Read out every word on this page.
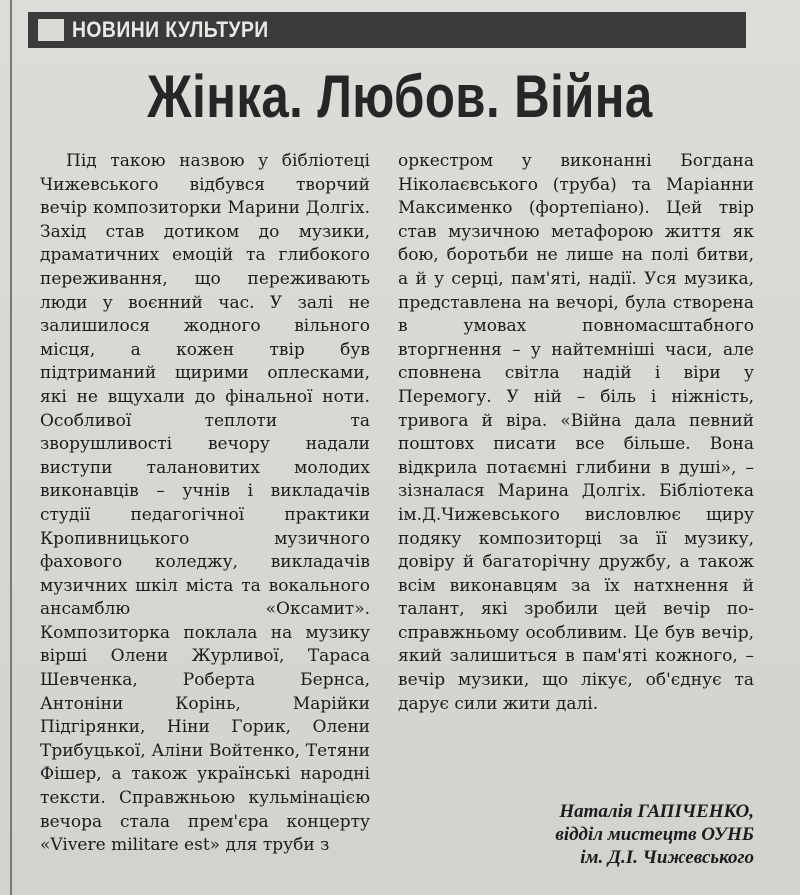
НОВИНИ КУЛЬТУРИ
Жінка. Любов. Війна

Під такою назвою у бібліотеці Чижевського відбувся творчий вечір композиторки Марини Долгіх. Захід став дотиком до музики, драматичних емоцій та глибокого переживання, що переживають люди у воєнний час. У залі не залишилося жодного вільного місця, а кожен твір був підтриманий щирими оплесками, які не вщухали до фінальної ноти. Особливої теплоти та зворушливості вечору надали виступи талановитих молодих виконавців – учнів і викладачів студії педагогічної практики Кропивницького музичного фахового коледжу, викладачів музичних шкіл міста та вокального ансамблю «Оксамит». Композиторка поклала на музику вірші Олени Журливої, Тараса Шевченка, Роберта Бернса, Антоніни Корінь, Марійки Підгірянки, Ніни Горик, Олени Трибуцької, Аліни Войтенко, Тетяни Фішер, а також українські народні тексти. Справжньою кульмінацією вечора стала прем'єра концерту «Vivere militare est» для труби з

оркестром у виконанні Богдана Ніколаєвського (труба) та Маріанни Максименко (фортепіано). Цей твір став музичною метафорою життя як бою, боротьби не лише на полі битви, а й у серці, пам'яті, надії. Уся музика, представлена на вечорі, була створена в умовах повномасштабного вторгнення – у найтемніші часи, але сповнена світла надій і віри у Перемогу. У ній – біль і ніжність, тривога й віра. «Війна дала певний поштовх писати все більше. Вона відкрила потаємні глибини в душі», – зізналася Марина Долгіх. Бібліотека ім.Д.Чижевського висловлює щиру подяку композиторці за її музику, довіру й багаторічну дружбу, а також всім виконавцям за їх натхнення й талант, які зробили цей вечір по-справжньому особливим. Це був вечір, який залишиться в пам'яті кожного, – вечір музики, що лікує, об'єднує та дарує сили жити далі.

Наталія ГАПІЧЕНКО,
відділ мистецтв ОУНБ
ім. Д.І. Чижевського
